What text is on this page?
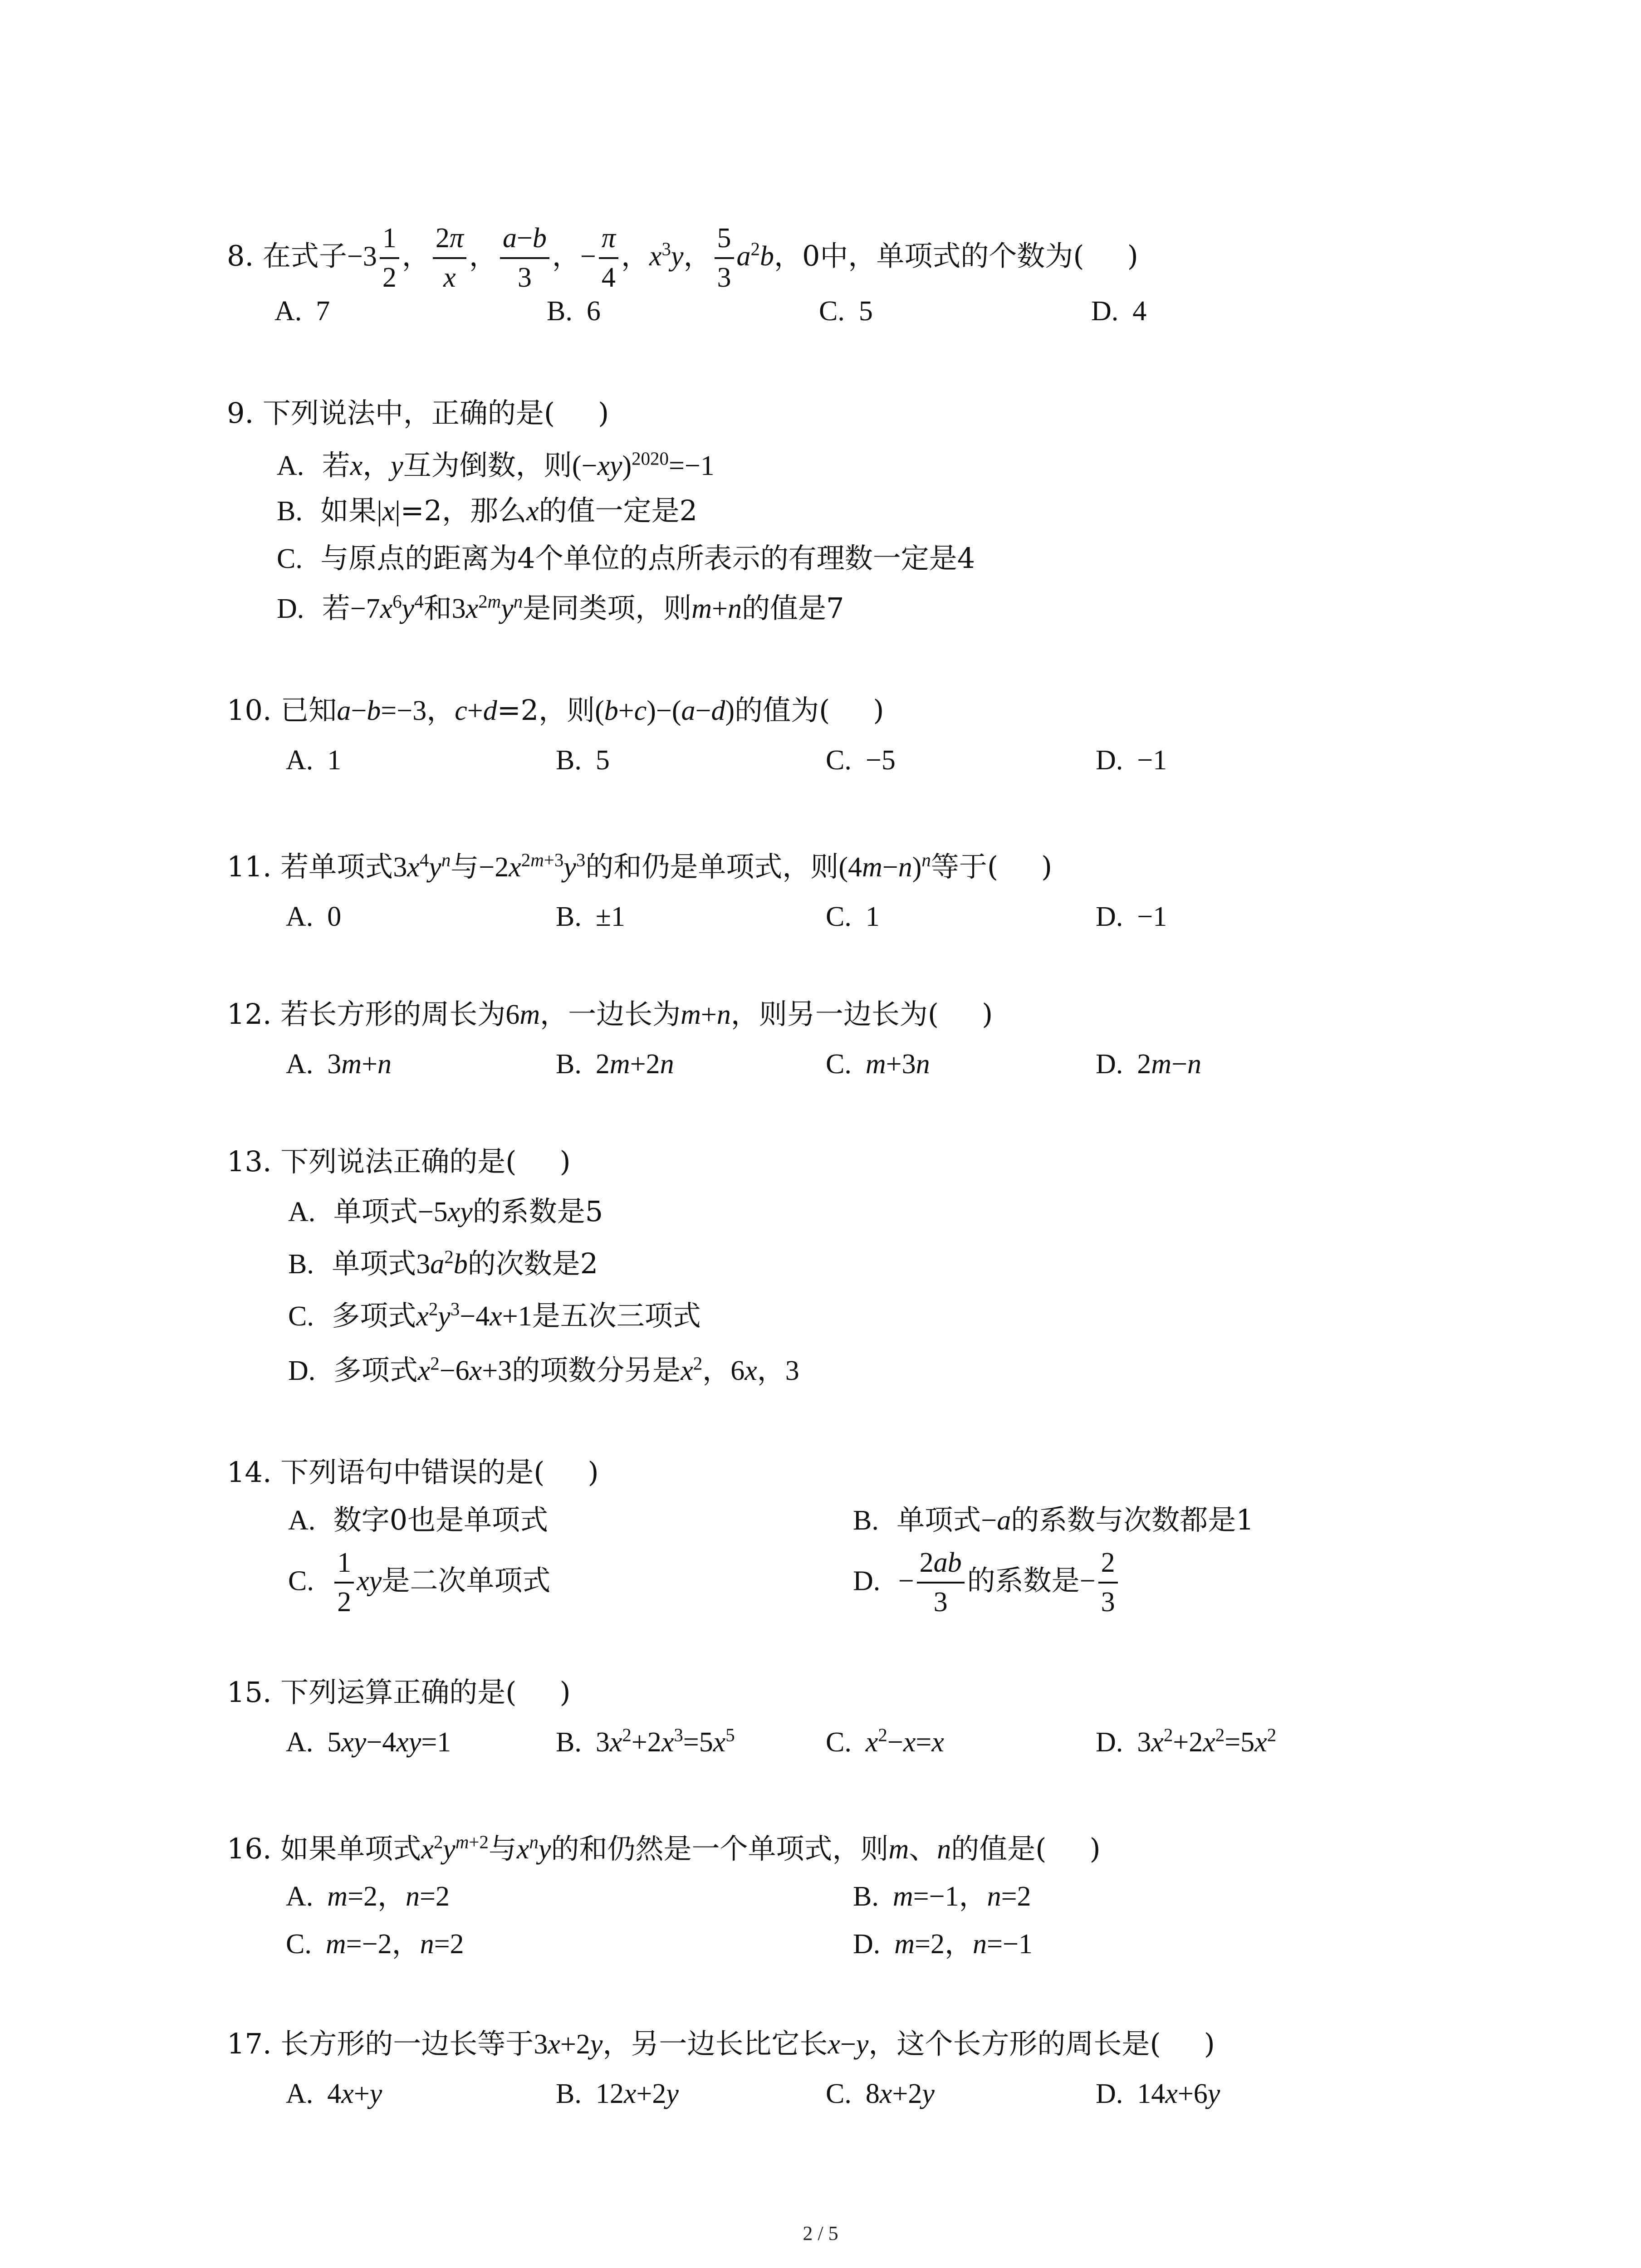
8. 在式子$-3 \frac{1}{2}$ ， $\frac{2\pi}{x}$ ， $\frac{a-b}{3}$ ，− $\frac{\pi}{4}$ ，$x^3y$， $\frac{5}{3} a^2b$，0中，单项式的个数为( )
A. 7	B. 6	C. 5	D. 4
9. 下列说法中，正确的是( )
A. 若x，y互为倒数，则$(-xy)^{2020}=-1$
B. 如果|x|=2，那么x的值一定是2
C. 与原点的距离为4个单位的点所表示的有理数一定是4
D. 若$-7x^6y^4$和$3x^{2m}y^n$是同类项，则m+n的值是7
10. 已知a−b=−3，c+d=2，则(b+c)−(a−d)的值为( )
A. 1	B. 5	C. −5	D. −1
11. 若单项式$3x^4y^n$与$-2x^{2m+3}y^3$的和仍是单项式，则$(4m-n)^n$等于( )
A. 0	B. ±1	C. 1	D. −1
12. 若长方形的周长为6m，一边长为m+n，则另一边长为( )
A.  3m+n	B.  2m+2n	C. m+3n	D.  2m−n
13. 下列说法正确的是( )
A. 单项式−5xy的系数是5
B. 单项式$3a^2b$的次数是2
C. 多项式$x^2y^3-4x+1$是五次三项式
D. 多项式$x^2-6x+3$的项数分另是$x^2$，6x，3
14. 下列语句中错误的是( )
A. 数字0也是单项式	B. 单项式−a的系数与次数都是1
C. $\frac{1}{2}$ xy是二次单项式	D. − $\frac{2ab}{3}$ 的系数是− $\frac{2}{3}$
15. 下列运算正确的是( )
A.  5xy−4xy=1	B.  $3x^2+2x^3=5x^5$	C. $x^2-x=x$	D.  $3x^2+2x^2=5x^2$
16. 如果单项式$x^2y^{m+2}$与$x^ny$的和仍然是一个单项式，则m、n的值是( )
A. m=2，n=2	B. m=−1，n=2
C. m=−2，n=2	D. m=2，n=−1
17. 长方形的一边长等于3x+2y，另一边长比它长x−y，这个长方形的周长是( )
A.  4x+y	B.  12x+2y	C.  8x+2y	D.  14x+6y
2 / 5
